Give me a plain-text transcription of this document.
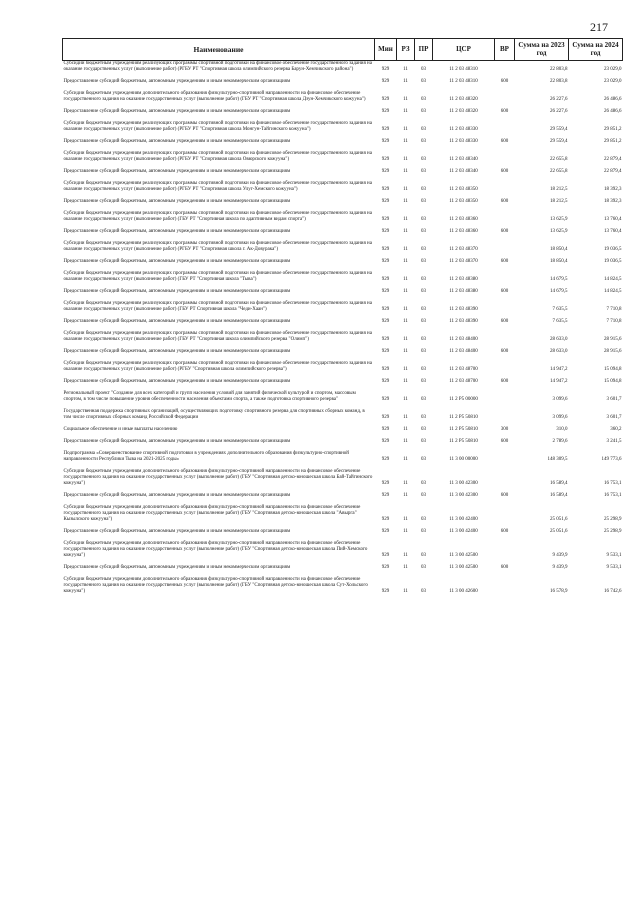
217
Наименование	Мин	РЗ	ПР	ЦСР	ВР	Сумма на 2023 год	Сумма на 2024 год
Субсидии бюджетным учреждениям реализующих программы спортивной подготовки на финансовое обеспечение государственного задания на оказание государственных услуг (выполнение работ) (РГБУ РТ "Спортивная школа олимпийского резерва Барун-Хемчикского района")	929	11	03	11 2 03 48310		22 803,8	23 029,0

Предоставление субсидий бюджетным, автономным учреждениям и иным некоммерческим организациям	929	11	03	11 2 03 48310	600	22 803,8	23 029,0

Субсидии бюджетным учреждениям дополнительного образования физкультурно-спортивной направленности на финансовое обеспечение государственного задания на оказание государственных услуг (выполнение работ) (ГБУ РТ "Спортивная школа Дзун-Хемчикского кожууна")	929	11	03	11 2 03 48320		26 227,6	26 486,6

Предоставление субсидий бюджетным, автономным учреждениям и иным некоммерческим организациям	929	11	03	11 2 03 48320	600	26 227,6	26 486,6

Субсидии бюджетным учреждениям реализующих программы спортивной подготовки на финансовое обеспечение государственного задания на оказание государственных услуг (выполнение работ) (РГБУ РТ "Спортивная школа Монгун-Тайгинского кожууна")	929	11	03	11 2 03 48330		29 559,4	29 851,2

Предоставление субсидий бюджетным, автономным учреждениям и иным некоммерческим организациям	929	11	03	11 2 03 48330	600	29 559,4	29 851,2

Субсидии бюджетным учреждениям реализующих программы спортивной подготовки на финансовое обеспечение государственного задания на оказание государственных услуг (выполнение работ) (РГБУ РТ "Спортивная школа Овюрского кожууна")	929	11	03	11 2 03 48340		22 655,8	22 879,4

Предоставление субсидий бюджетным, автономным учреждениям и иным некоммерческим организациям	929	11	03	11 2 03 48340	600	22 655,8	22 879,4

Субсидии бюджетным учреждениям реализующих программы спортивной подготовки на финансовое обеспечение государственного задания на оказание государственных услуг (выполнение работ) (РГБУ РТ "Спортивная школа Улуг-Хемского кожууна")	929	11	03	11 2 03 48350		18 212,5	18 392,3

Предоставление субсидий бюджетным, автономным учреждениям и иным некоммерческим организациям	929	11	03	11 2 03 48350	600	18 212,5	18 392,3

Субсидии бюджетным учреждениям реализующих программы спортивной подготовки на финансовое обеспечение государственного задания на оказание государственных услуг (выполнение работ) (ГБУ РТ "Спортивная школа по адаптивным видам спорта")	929	11	03	11 2 03 48360		13 625,9	13 760,4

Предоставление субсидий бюджетным, автономным учреждениям и иным некоммерческим организациям	929	11	03	11 2 03 48360	600	13 625,9	13 760,4

Субсидии бюджетным учреждениям реализующих программы спортивной подготовки на финансовое обеспечение государственного задания на оказание государственных услуг (выполнение работ) (РГБУ РТ "Спортивная школа г. Ак-Довурака")	929	11	03	11 2 03 48370		18 850,4	19 036,5

Предоставление субсидий бюджетным, автономным учреждениям и иным некоммерческим организациям	929	11	03	11 2 03 48370	600	18 850,4	19 036,5

Субсидии бюджетным учреждениям реализующих программы спортивной подготовки на финансовое обеспечение государственного задания на оказание государственных услуг (выполнение работ) (ГБУ РТ "Спортивная школа "Тыва")	929	11	03	11 2 03 48380		14 679,5	14 824,5

Предоставление субсидий бюджетным, автономным учреждениям и иным некоммерческим организациям	929	11	03	11 2 03 48380	600	14 679,5	14 824,5

Субсидии бюджетным учреждениям реализующих программы спортивной подготовки на финансовое обеспечение государственного задания на оказание государственных услуг (выполнение работ) (ГБУ РТ Спортивная школа "Чеди-Хаан")	929	11	03	11 2 03 48390		7 635,5	7 710,8

Предоставление субсидий бюджетным, автономным учреждениям и иным некоммерческим организациям	929	11	03	11 2 03 48390	600	7 635,5	7 710,8

Субсидии бюджетным учреждениям реализующих программы спортивной подготовки на финансовое обеспечение государственного задания на оказание государственных услуг (выполнение работ) (ГБУ РТ "Спортивная школа олимпийского резерва "Олимп")	929	11	03	11 2 03 48400		28 633,0	28 915,6

Предоставление субсидий бюджетным, автономным учреждениям и иным некоммерческим организациям	929	11	03	11 2 03 48400	600	28 633,0	28 915,6

Субсидии бюджетным учреждениям реализующих программы спортивной подготовки на финансовое обеспечение государственного задания на оказание государственных услуг (выполнение работ) (РГБУ "Спортивная школа олимпийского резерва")	929	11	03	11 2 03 48700		14 947,2	15 094,8

Предоставление субсидий бюджетным, автономным учреждениям и иным некоммерческим организациям	929	11	03	11 2 03 48700	600	14 947,2	15 094,8

Региональный проект "Создание для всех категорий и групп населения условий для занятий физической культурой и спортом, массовым спортом, в том числе повышение уровня обеспеченности населения объектами спорта, а также подготовка спортивного резерва"	929	11	03	11 2 P5 00000		3 099,6	3 601,7

Государственная поддержка спортивных организаций, осуществляющих подготовку спортивного резерва для спортивных сборных команд, в том числе спортивных сборных команд Российской Федерации	929	11	03	11 2 P5 50810		3 099,6	3 601,7

Социальное обеспечение и иные выплаты населению	929	11	03	11 2 P5 50810	300	310,0	360,2

Предоставление субсидий бюджетным, автономным учреждениям и иным некоммерческим организациям	929	11	03	11 2 P5 50810	600	2 789,6	3 241,5

Подпрограмма «Совершенствование спортивной подготовки в учреждениях дополнительного образования физкультурно-спортивной направленности Республики Тыва на 2021-2025 годы»	929	11	03	11 3 00 00000		148 309,5	149 773,6

Субсидии бюджетным учреждениям дополнительного образования физкультурно-спортивной направленности на финансовое обеспечение государственного задания на оказание государственных услуг (выполнение работ) (ГБУ "Спортивная детско-юношеская школа Бай-Тайгинского кожууна")	929	11	03	11 3 00 42300		16 589,4	16 753,1

Предоставление субсидий бюджетным, автономным учреждениям и иным некоммерческим организациям	929	11	03	11 3 00 42300	600	16 589,4	16 753,1

Субсидии бюджетным учреждениям дополнительного образования физкультурно-спортивной направленности на финансовое обеспечение государственного задания на оказание государственных услуг (выполнение работ) (ГБУ "Спортивная детско-юношеская школа "Авырга" Кызылского кожууна")	929	11	03	11 3 00 42400		25 051,6	25 298,9

Предоставление субсидий бюджетным, автономным учреждениям и иным некоммерческим организациям	929	11	03	11 3 00 42400	600	25 051,6	25 298,9

Субсидии бюджетным учреждениям дополнительного образования физкультурно-спортивной направленности на финансовое обеспечение государственного задания на оказание государственных услуг (выполнение работ) (ГБУ "Спортивная детско-юношеская школа Пий-Хемского кожууна")	929	11	03	11 3 00 42500		9 439,9	9 533,1

Предоставление субсидий бюджетным, автономным учреждениям и иным некоммерческим организациям	929	11	03	11 3 00 42500	600	9 439,9	9 533,1

Субсидии бюджетным учреждениям дополнительного образования физкультурно-спортивной направленности на финансовое обеспечение государственного задания на оказание государственных услуг (выполнение работ) (ГБУ "Спортивная детско-юношеская школа Сут-Хольского кожууна")	929	11	03	11 3 00 42600		16 578,9	16 742,6
